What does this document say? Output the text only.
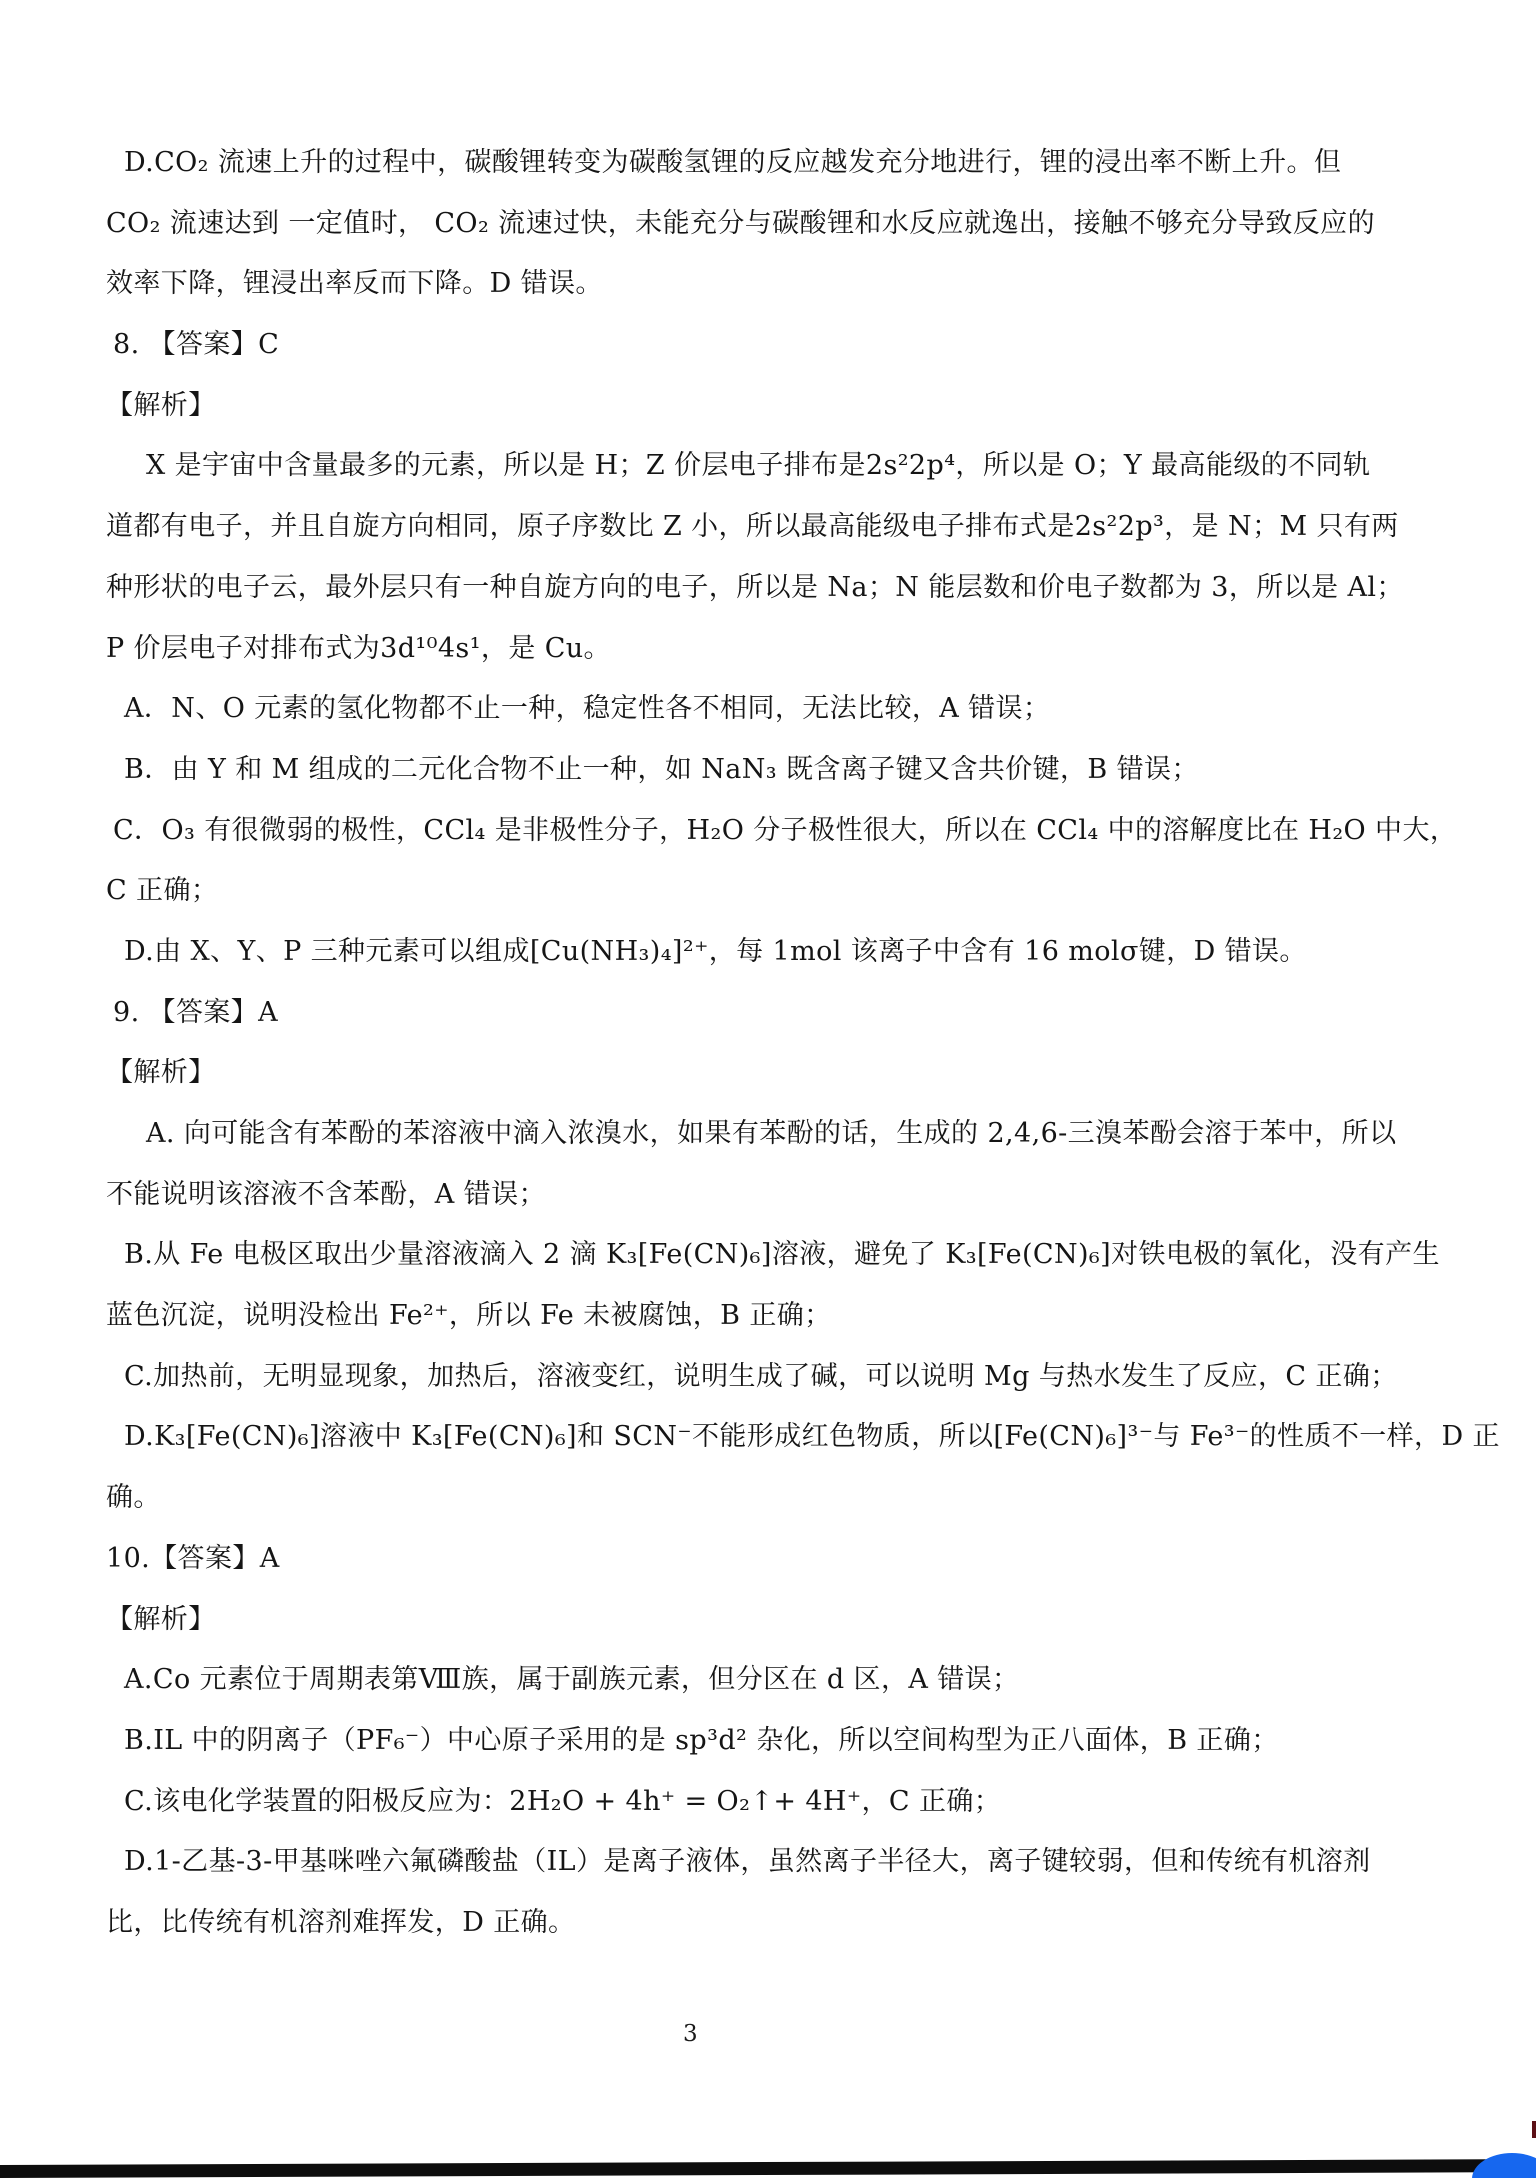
D.CO₂ 流速上升的过程中，碳酸锂转变为碳酸氢锂的反应越发充分地进行，锂的浸出率不断上升。但
CO₂ 流速达到 一定值时， CO₂ 流速过快，未能充分与碳酸锂和水反应就逸出，接触不够充分导致反应的
效率下降，锂浸出率反而下降。D 错误。
8. 【答案】C
【解析】
X 是宇宙中含量最多的元素，所以是 H；Z 价层电子排布是2s²2p⁴，所以是 O；Y 最高能级的不同轨
道都有电子，并且自旋方向相同，原子序数比 Z 小，所以最高能级电子排布式是2s²2p³，是 N；M 只有两
种形状的电子云，最外层只有一种自旋方向的电子，所以是 Na；N 能层数和价电子数都为 3，所以是 Al；
P 价层电子对排布式为3d¹⁰4s¹，是 Cu。
A．N、O 元素的氢化物都不止一种，稳定性各不相同，无法比较，A 错误；
B．由 Y 和 M 组成的二元化合物不止一种，如 NaN₃ 既含离子键又含共价键，B 错误；
C．O₃ 有很微弱的极性，CCl₄ 是非极性分子，H₂O 分子极性很大，所以在 CCl₄ 中的溶解度比在 H₂O 中大，
C 正确；
D.由 X、Y、P 三种元素可以组成[Cu(NH₃)₄]²⁺，每 1mol 该离子中含有 16 molσ键，D 错误。
9. 【答案】A
【解析】
A. 向可能含有苯酚的苯溶液中滴入浓溴水，如果有苯酚的话，生成的 2,4,6-三溴苯酚会溶于苯中，所以
不能说明该溶液不含苯酚，A 错误；
B.从 Fe 电极区取出少量溶液滴入 2 滴 K₃[Fe(CN)₆]溶液，避免了 K₃[Fe(CN)₆]对铁电极的氧化，没有产生
蓝色沉淀，说明没检出 Fe²⁺，所以 Fe 未被腐蚀，B 正确；
C.加热前，无明显现象，加热后，溶液变红，说明生成了碱，可以说明 Mg 与热水发生了反应，C 正确；
D.K₃[Fe(CN)₆]溶液中 K₃[Fe(CN)₆]和 SCN⁻不能形成红色物质，所以[Fe(CN)₆]³⁻与 Fe³⁻的性质不一样，D 正
确。
10.【答案】A
【解析】
A.Co 元素位于周期表第Ⅷ族，属于副族元素，但分区在 d 区，A 错误；
B.IL 中的阴离子（PF₆⁻）中心原子采用的是 sp³d² 杂化，所以空间构型为正八面体，B 正确；
C.该电化学装置的阳极反应为：2H₂O + 4h⁺ = O₂↑+ 4H⁺，C 正确；
D.1-乙基-3-甲基咪唑六氟磷酸盐（IL）是离子液体，虽然离子半径大，离子键较弱，但和传统有机溶剂
比，比传统有机溶剂难挥发，D 正确。
3
